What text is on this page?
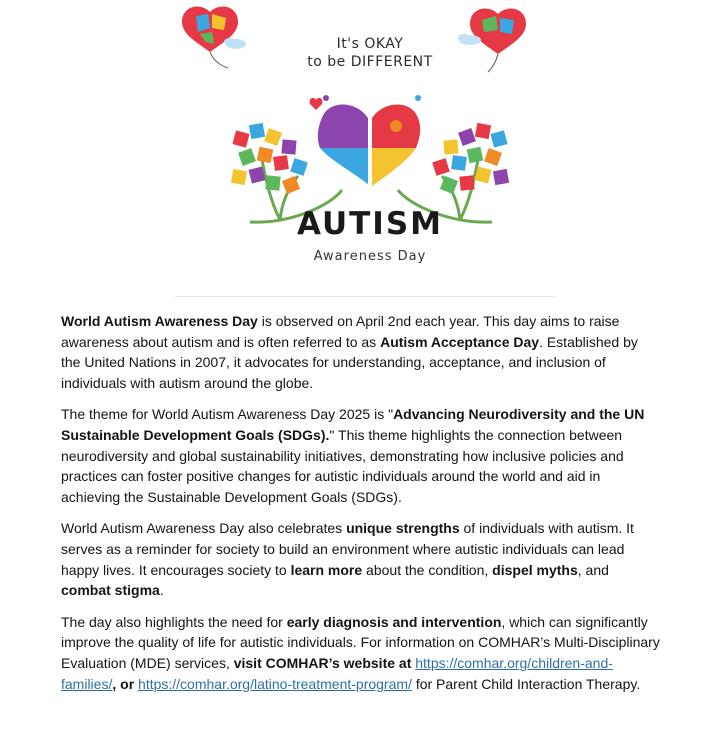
It's OKAY
to be DIFFERENT
AUTISM
Awareness Day

World Autism Awareness Day is observed on April 2nd each year. This day aims to raise awareness about autism and is often referred to as Autism Acceptance Day. Established by the United Nations in 2007, it advocates for understanding, acceptance, and inclusion of individuals with autism around the globe.

The theme for World Autism Awareness Day 2025 is "Advancing Neurodiversity and the UN Sustainable Development Goals (SDGs)." This theme highlights the connection between neurodiversity and global sustainability initiatives, demonstrating how inclusive policies and practices can foster positive changes for autistic individuals around the world and aid in achieving the Sustainable Development Goals (SDGs).

World Autism Awareness Day also celebrates unique strengths of individuals with autism. It serves as a reminder for society to build an environment where autistic individuals can lead happy lives. It encourages society to learn more about the condition, dispel myths, and combat stigma.

The day also highlights the need for early diagnosis and intervention, which can significantly improve the quality of life for autistic individuals. For information on COMHAR’s Multi-Disciplinary Evaluation (MDE) services, visit COMHAR’s website at https://comhar.org/children-and-families/, or https://comhar.org/latino-treatment-program/ for Parent Child Interaction Therapy.
